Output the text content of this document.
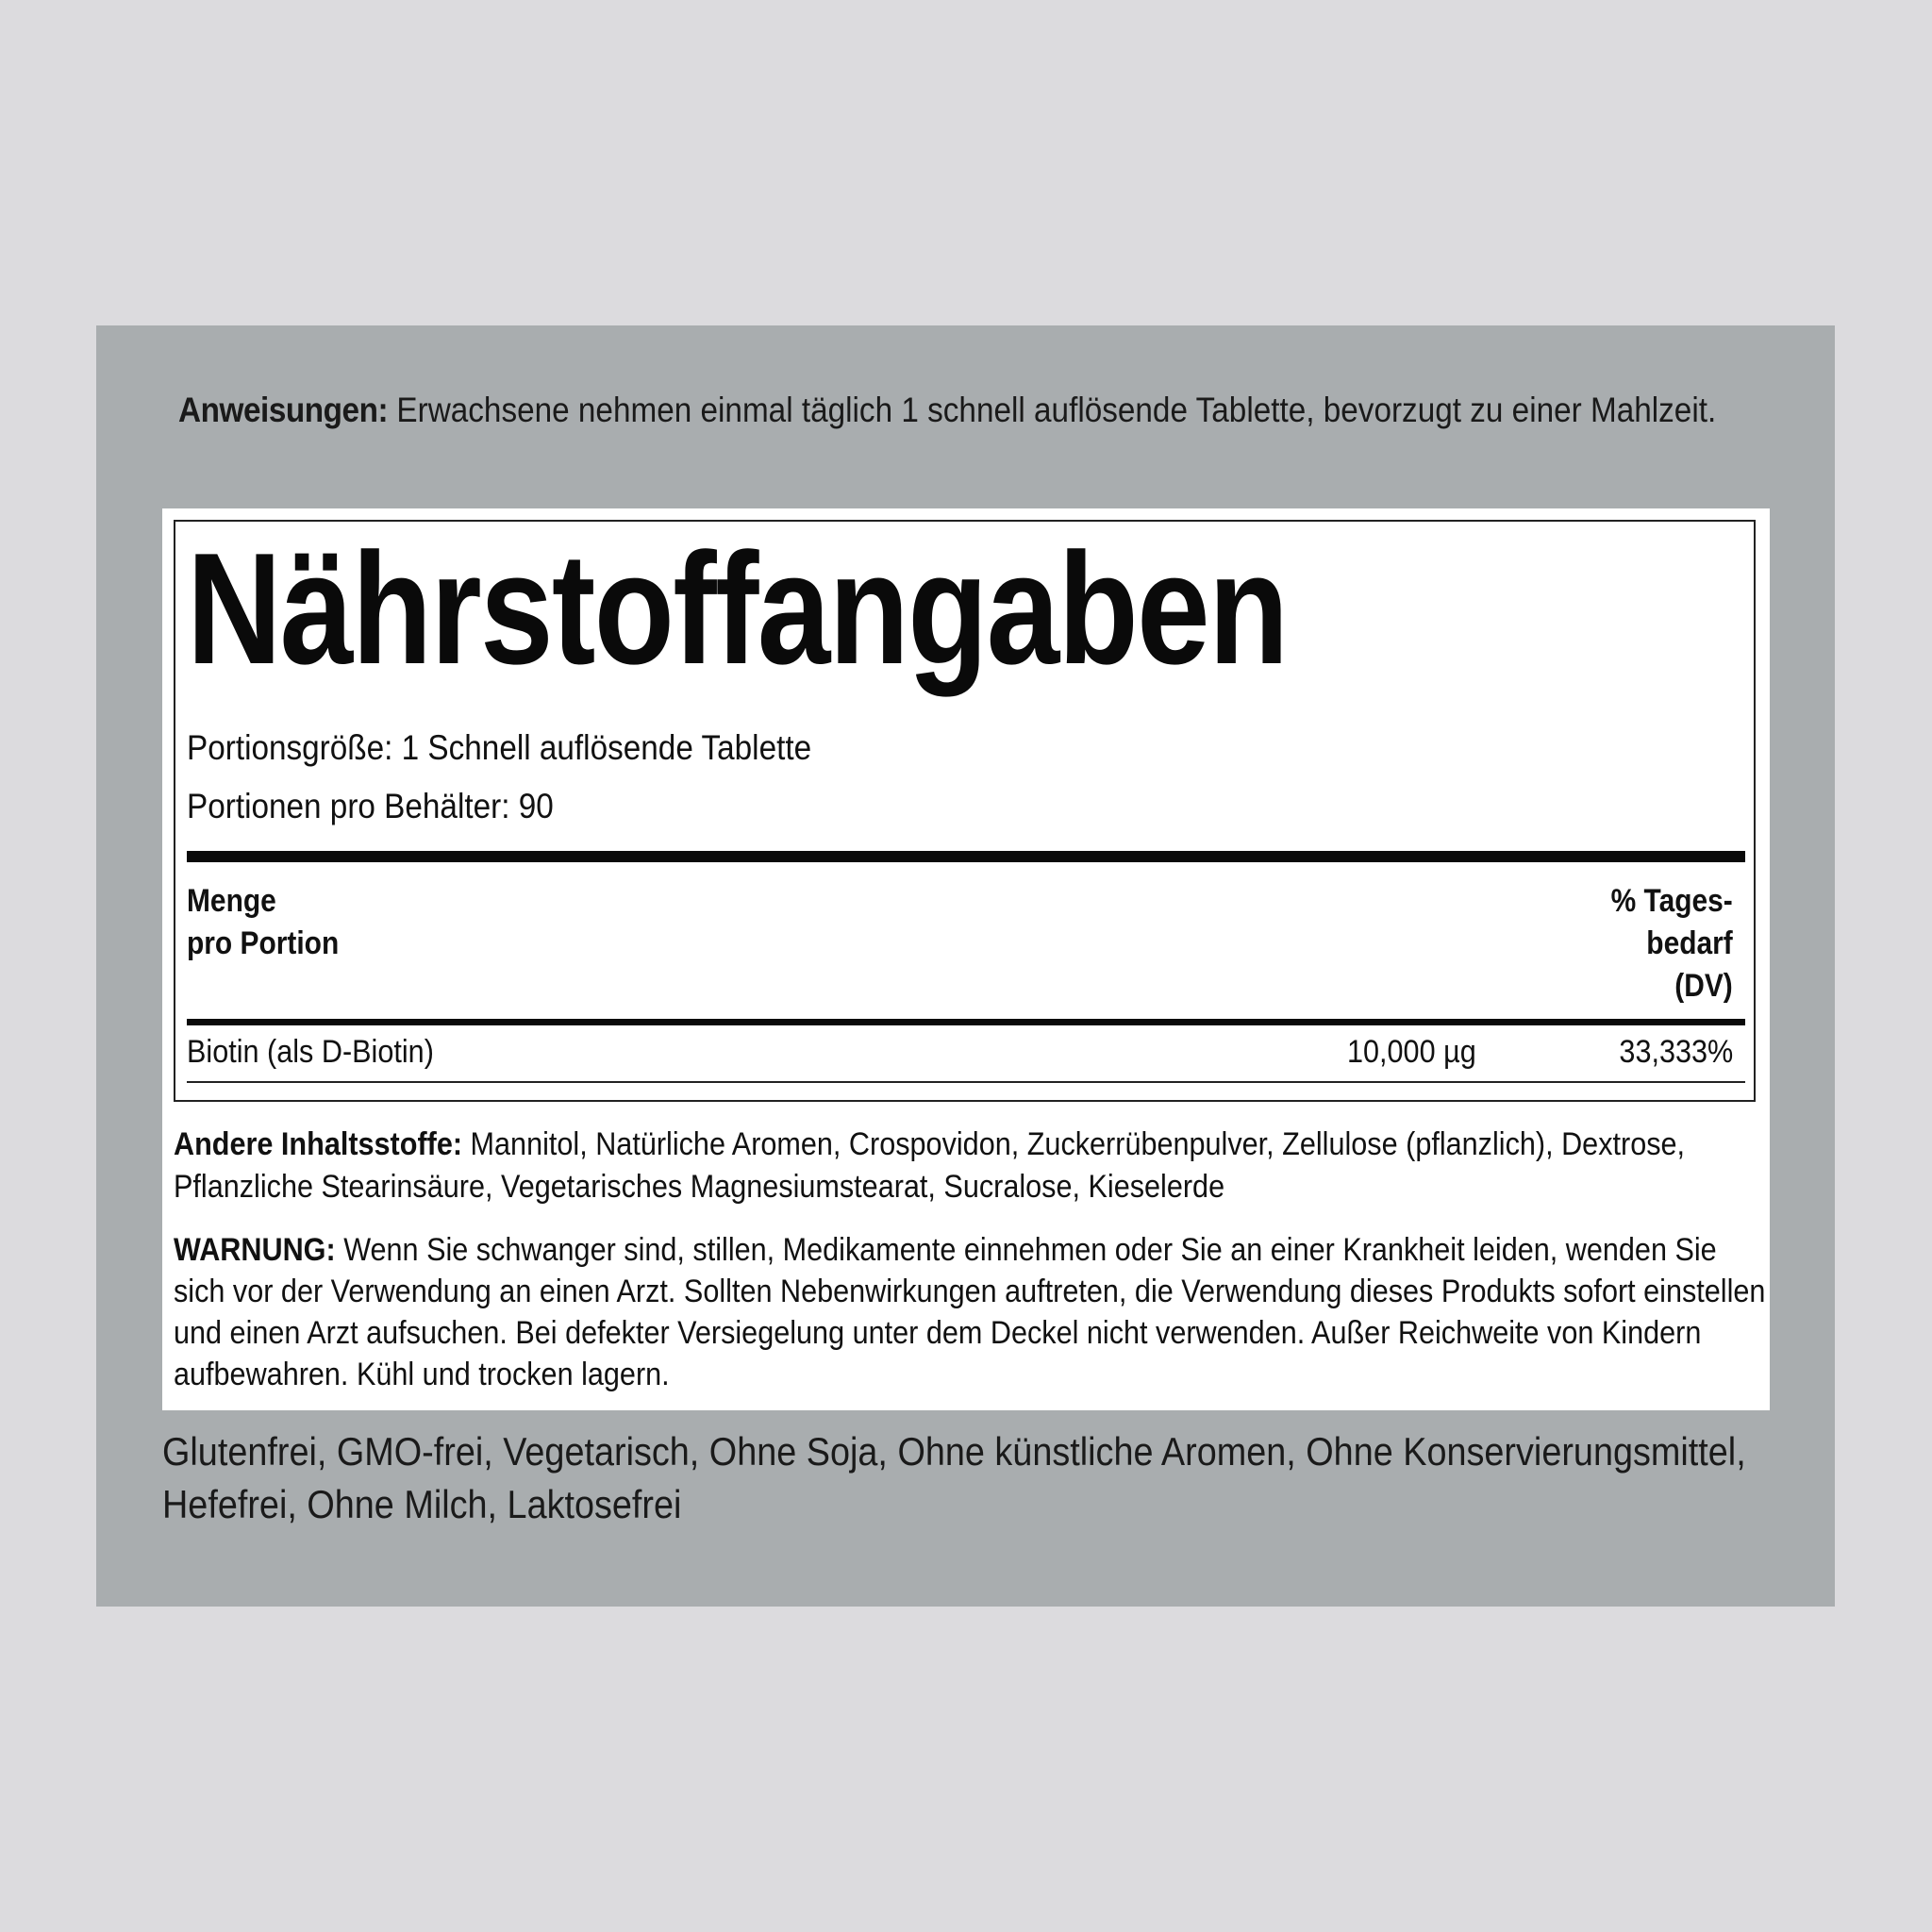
Anweisungen: Erwachsene nehmen einmal täglich 1 schnell auflösende Tablette, bevorzugt zu einer Mahlzeit.
Nährstoffangaben
Portionsgröße: 1 Schnell auflösende Tablette
Portionen pro Behälter: 90
Menge
pro Portion
% Tages-
bedarf
(DV)
Biotin (als D-Biotin)	10,000 µg	33,333%
Andere Inhaltsstoffe: Mannitol, Natürliche Aromen, Crospovidon, Zuckerrübenpulver, Zellulose (pflanzlich), Dextrose, Pflanzliche Stearinsäure, Vegetarisches Magnesiumstearat, Sucralose, Kieselerde
WARNUNG: Wenn Sie schwanger sind, stillen, Medikamente einnehmen oder Sie an einer Krankheit leiden, wenden Sie sich vor der Verwendung an einen Arzt. Sollten Nebenwirkungen auftreten, die Verwendung dieses Produkts sofort einstellen und einen Arzt aufsuchen. Bei defekter Versiegelung unter dem Deckel nicht verwenden. Außer Reichweite von Kindern aufbewahren. Kühl und trocken lagern.
Glutenfrei, GMO-frei, Vegetarisch, Ohne Soja, Ohne künstliche Aromen, Ohne Konservierungsmittel, Hefefrei, Ohne Milch, Laktosefrei
